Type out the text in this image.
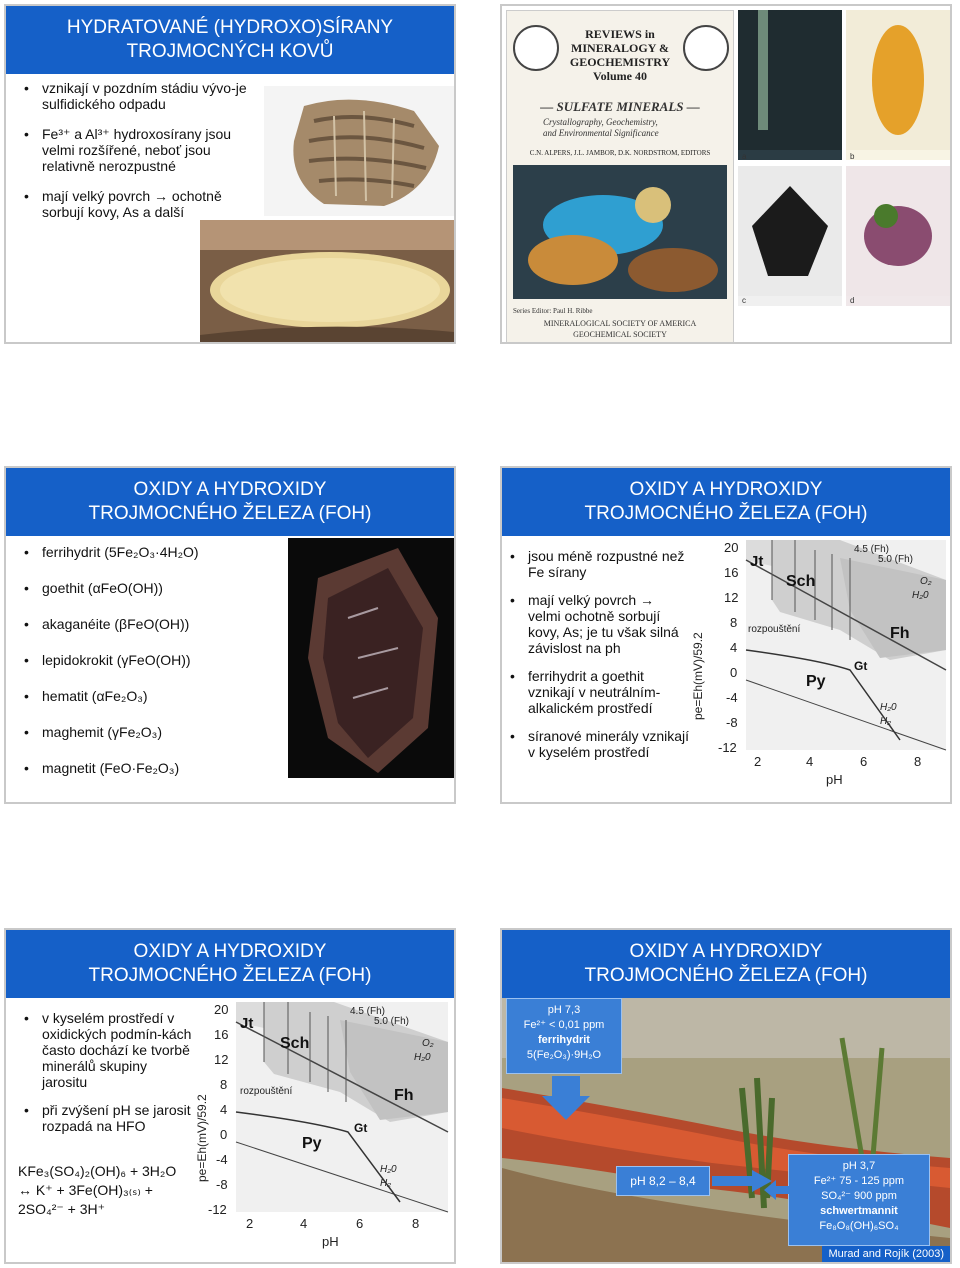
HYDRATOVANÉ (HYDROXO)SÍRANY
TROJMOCNÝCH KOVŮ
• vznikají v pozdním stádiu vývo-je sulfidického odpadu
• Fe³⁺ a Al³⁺ hydroxosírany jsou velmi rozšířené, neboť jsou relativně nerozpustné
• mají velký povrch → ochotně sorbují kovy, As a další
REVIEWS in
MINERALOGY &
GEOCHEMISTRY
Volume 40
— SULFATE MINERALS —
Crystallography, Geochemistry,
and Environmental Significance
C.N. ALPERS, J.L. JAMBOR, D.K. NORDSTROM, EDITORS
Series Editor: Paul H. Ribbe
MINERALOGICAL SOCIETY OF AMERICA
GEOCHEMICAL SOCIETY
a	b
c	d
OXIDY A HYDROXIDY
TROJMOCNÉHO ŽELEZA (FOH)
• ferrihydrit (5Fe₂O₃·4H₂O)
• goethit (αFeO(OH))
• akaganéite (βFeO(OH))
• lepidokrokit (γFeO(OH))
• hematit (αFe₂O₃)
• maghemit (γFe₂O₃)
• magnetit (FeO·Fe₂O₃)
OXIDY A HYDROXIDY
TROJMOCNÉHO ŽELEZA (FOH)
• jsou méně rozpustné než Fe sírany
• mají velký povrch → velmi ochotně sorbují kovy, As; je tu však silná závislost na ph
• ferrihydrit a goethit vznikají v neutrálním-alkalickém prostředí
• síranové minerály vznikají v kyselém prostředí
pe=Eh(mV)/59.2
20
16
12
8
4
0
-4
-8
-12
Jt
Sch
Fh
Gt
Py
rozpouštění
4.5 (Fh)
5.0 (Fh)
O₂
H₂0
H₂0
H₂
2	4	6	8
pH
OXIDY A HYDROXIDY
TROJMOCNÉHO ŽELEZA (FOH)
• v kyselém prostředí v oxidických podmín-kách často dochází ke tvorbě minerálů skupiny jarositu
• při zvýšení pH se jarosit rozpadá na HFO
KFe₃(SO₄)₂(OH)₆ + 3H₂O
↔ K⁺ + 3Fe(OH)₃₍ₛ₎ +
2SO₄²⁻ + 3H⁺
pe=Eh(mV)/59.2
20
16
12
8
4
0
-4
-8
-12
Jt
Sch
Fh
Gt
Py
rozpouštění
4.5 (Fh)
5.0 (Fh)
O₂
H₂0
H₂0
H₂
2	4	6	8
pH
OXIDY A HYDROXIDY
TROJMOCNÉHO ŽELEZA (FOH)
pH 7,3
Fe²⁺ < 0,01 ppm
ferrihydrit
5(Fe₂O₃)·9H₂O
pH 8,2 – 8,4
pH 3,7
Fe²⁺ 75 - 125 ppm
SO₄²⁻ 900 ppm
schwertmannit
Fe₈O₈(OH)₆SO₄
Murad and Rojík (2003)
